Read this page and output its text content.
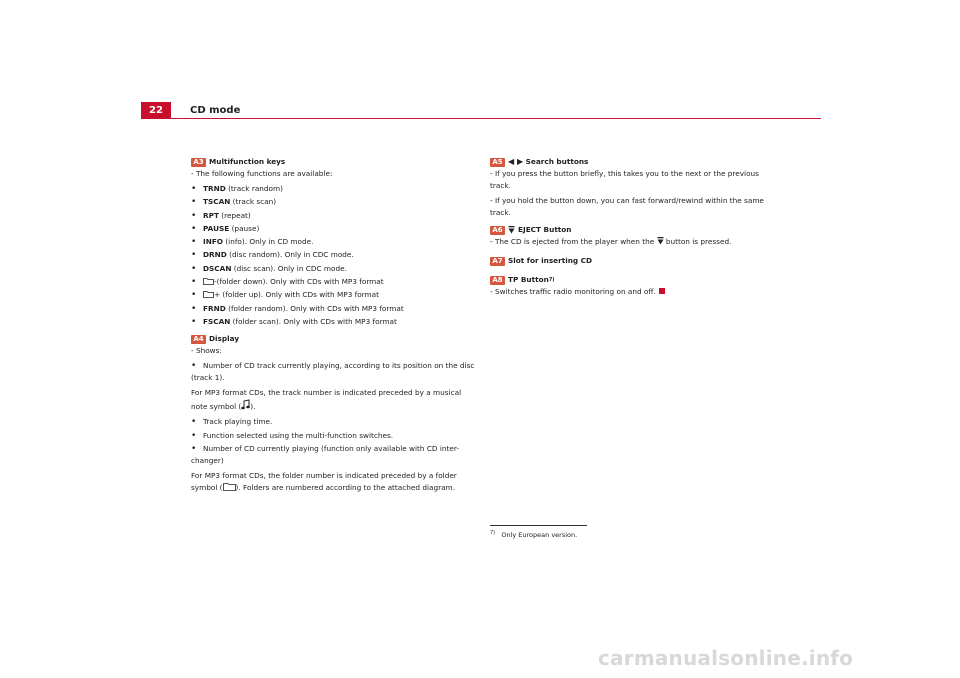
22	CD mode
A3 Multifunction keys
- The following functions are available:
• TRND (track random)
• TSCAN (track scan)
• RPT (repeat)
• PAUSE (pause)
• INFO (info). Only in CD mode.
• DRND (disc random). Only in CDC mode.
• DSCAN (disc scan). Only in CDC mode.
• -(folder down). Only with CDs with MP3 format
• + (folder up). Only with CDs with MP3 format
• FRND (folder random). Only with CDs with MP3 format
• FSCAN (folder scan). Only with CDs with MP3 format
A4 Display
- Shows:
• Number of CD track currently playing, according to its position on the disc
(track 1).
For MP3 format CDs, the track number is indicated preceded by a musical
note symbol ( ).
• Track playing time.
• Function selected using the multi-function switches.
• Number of CD currently playing (function only available with CD inter-
changer)
For MP3 format CDs, the folder number is indicated preceded by a folder
symbol ( ). Folders are numbered according to the attached diagram.
A5 ◀ ▶
Search buttons
- If you press the button briefly, this takes you to the next or the previous
track.
- If you hold the button down, you can fast forward/rewind within the same
track.
A6	EJECT Button
- The CD is ejected from the player when the  button is pressed.
A7 Slot for inserting CD
A8 TP Button 7)
- Switches traffic radio monitoring on and off.
$^{7)}$ Only European version.
carmanualsonline.info
